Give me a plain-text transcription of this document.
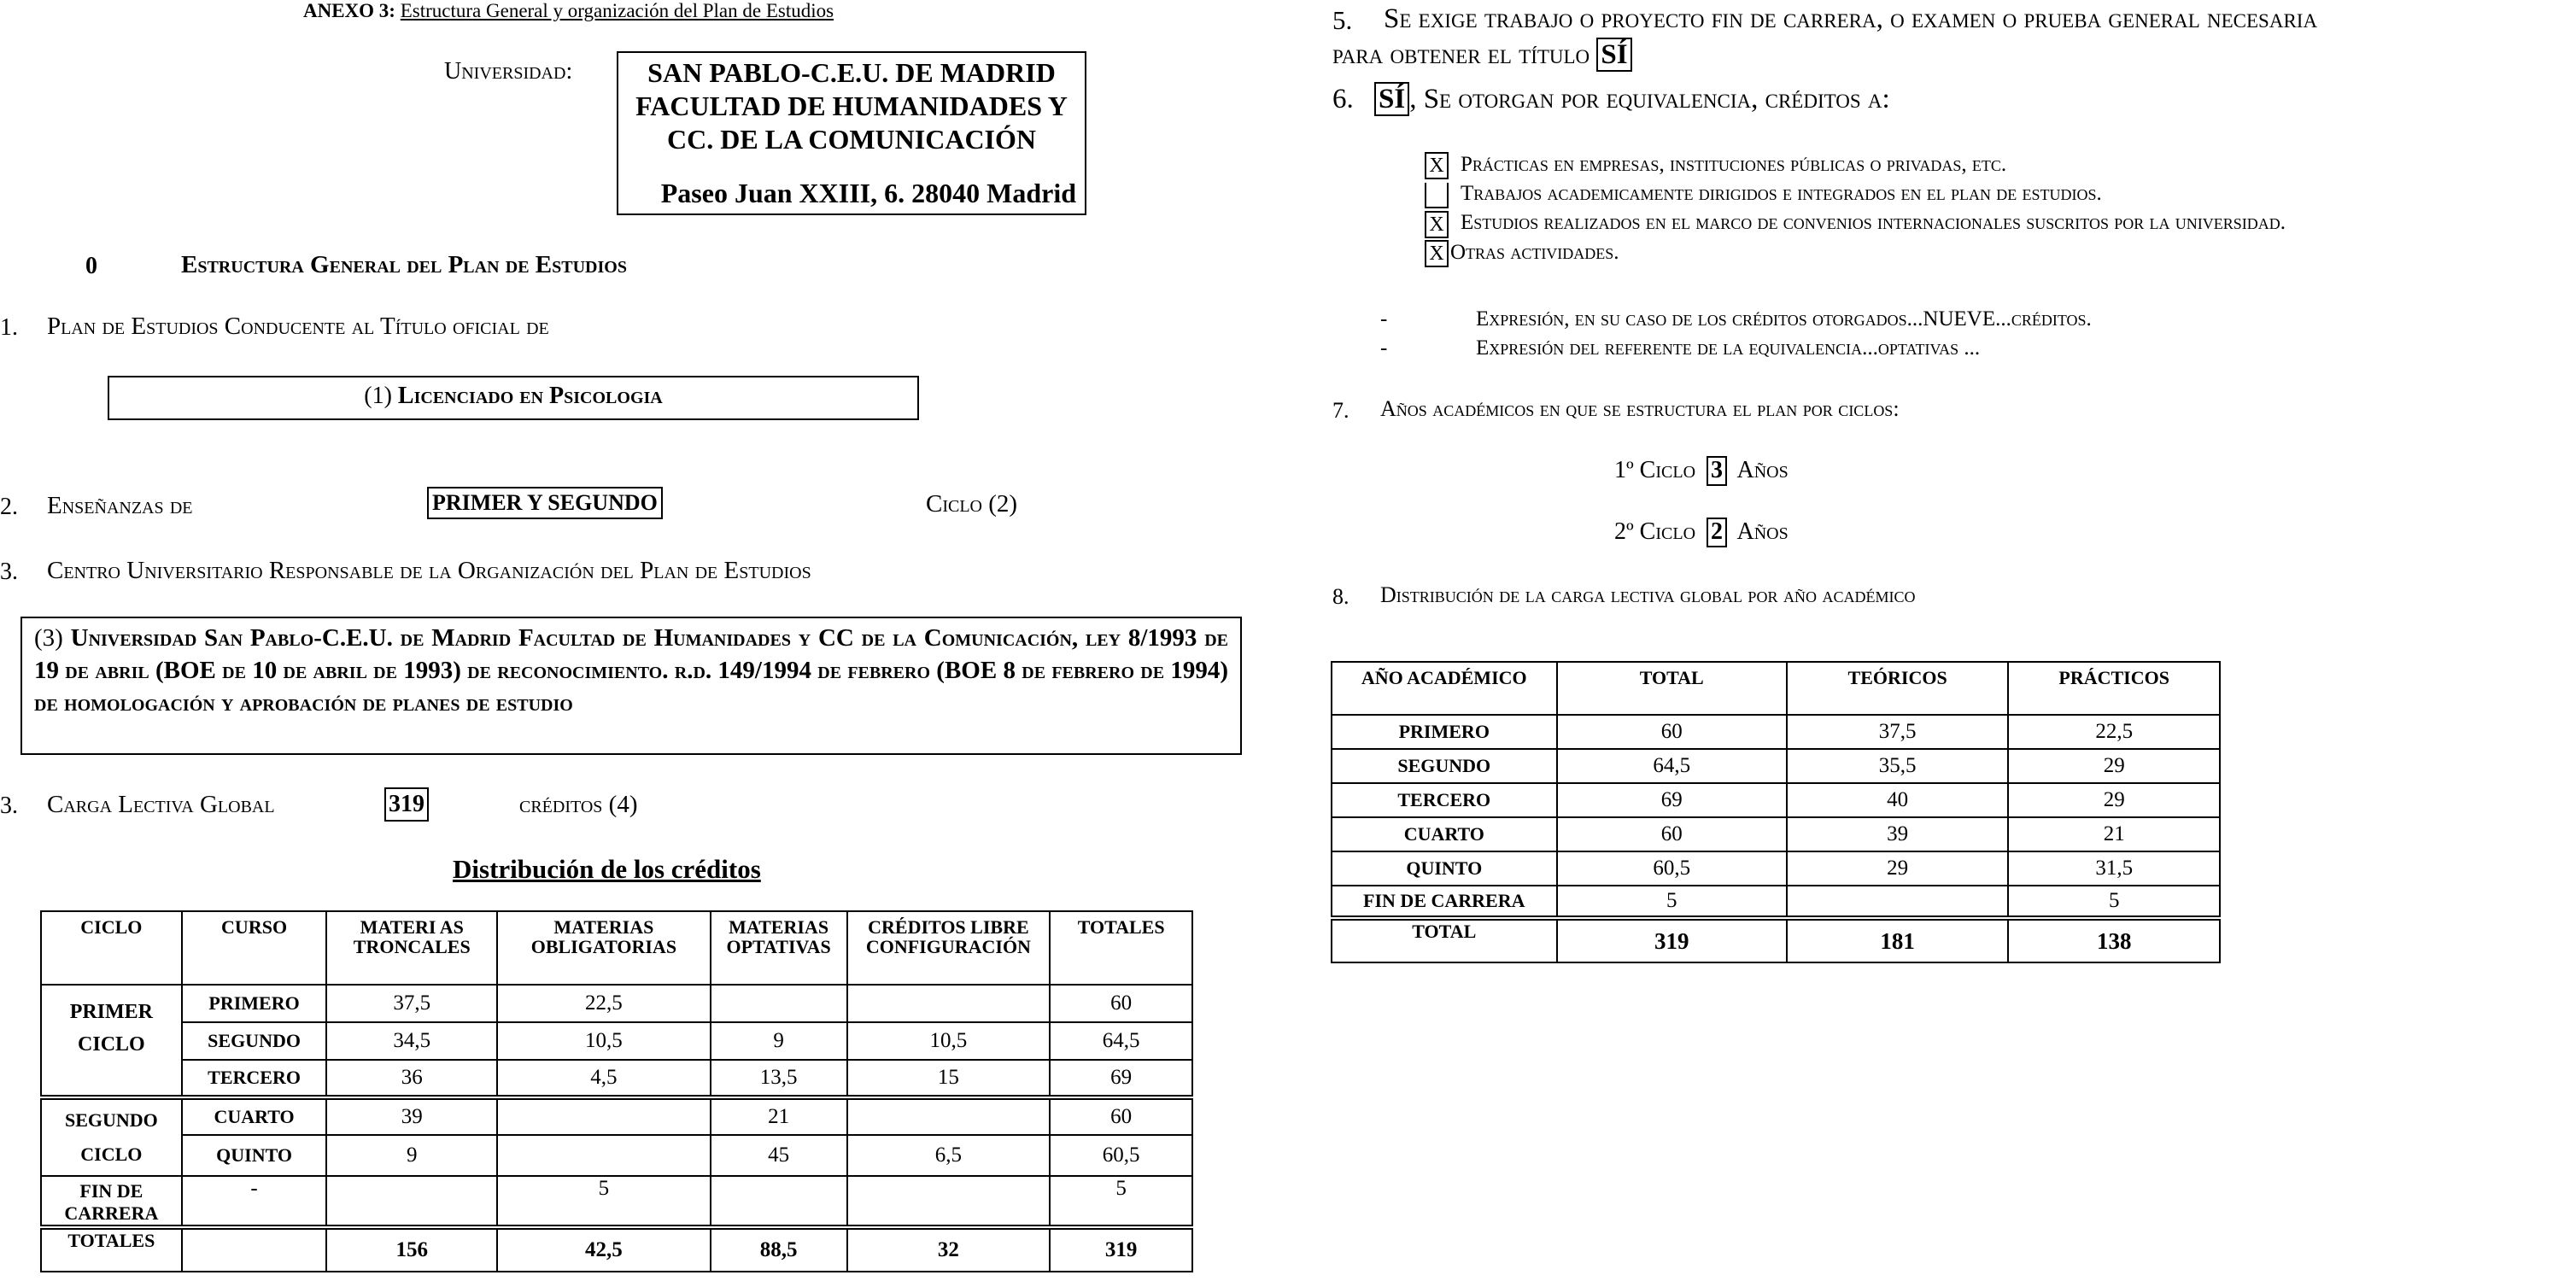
ANEXO 3: Estructura General y organización del Plan de Estudios
Universidad:	SAN PABLO-C.E.U. DE MADRID
FACULTAD DE HUMANIDADES Y
CC. DE LA COMUNICACIÓN
Paseo Juan XXIII, 6. 28040 Madrid
0	Estructura General del Plan de Estudios
1. Plan de Estudios Conducente al Título oficial de
(1) Licenciado en Psicologia
2. Enseñanzas de	PRIMER Y SEGUNDO	Ciclo (2)
3. Centro Universitario Responsable de la Organización del Plan de Estudios
(3) Universidad San Pablo-C.E.U. de Madrid Facultad de Humanidades y CC de la Comunicación, ley 8/1993 de 19 de abril (BOE de 10 de abril de 1993) de reconocimiento. r.d. 149/1994 de febrero (BOE 8 de febrero de 1994) de homologación y aprobación de planes de estudio
3. Carga Lectiva Global	319	créditos (4)
Distribución de los créditos
CICLO	CURSO	MATERI AS TRONCALES	MATERIAS OBLIGATORIAS	MATERIAS OPTATIVAS	CRÉDITOS LIBRE CONFIGURACIÓN	TOTALES

PRIMER
CICLO	PRIMERO	37,5	22,5			60
	SEGUNDO	34,5	10,5	9	10,5	64,5
	TERCERO	36	4,5	13,5	15	69

SEGUNDO
CICLO	CUARTO	39		21		60
	QUINTO	9		45	6,5	60,5

FIN DE
CARRERA	-		5			5
TOTALES		156	42,5	88,5	32	319
5. Se exige trabajo o proyecto fin de carrera, o examen o prueba general necesaria
para obtener el título SÍ
6. SÍ , Se otorgan por equivalencia, créditos a:
X Prácticas en empresas, instituciones públicas o privadas, etc.
Trabajos academicamente dirigidos e integrados en el plan de estudios.
X Estudios realizados en el marco de convenios internacionales suscritos por la universidad.
X Otras actividades.
-	Expresión, en su caso de los créditos otorgados...NUEVE...créditos.
-	Expresión del referente de la equivalencia...optativas ...
7. Años académicos en que se estructura el plan por ciclos:
1º Ciclo 3 Años
2º Ciclo 2 Años
8. Distribución de la carga lectiva global por año académico
AÑO ACADÉMICO	TOTAL	TEÓRICOS	PRÁCTICOS
PRIMERO	60	37,5	22,5
SEGUNDO	64,5	35,5	29
TERCERO	69	40	29
CUARTO	60	39	21
QUINTO	60,5	29	31,5
FIN DE CARRERA	5		5
TOTAL	319	181	138
